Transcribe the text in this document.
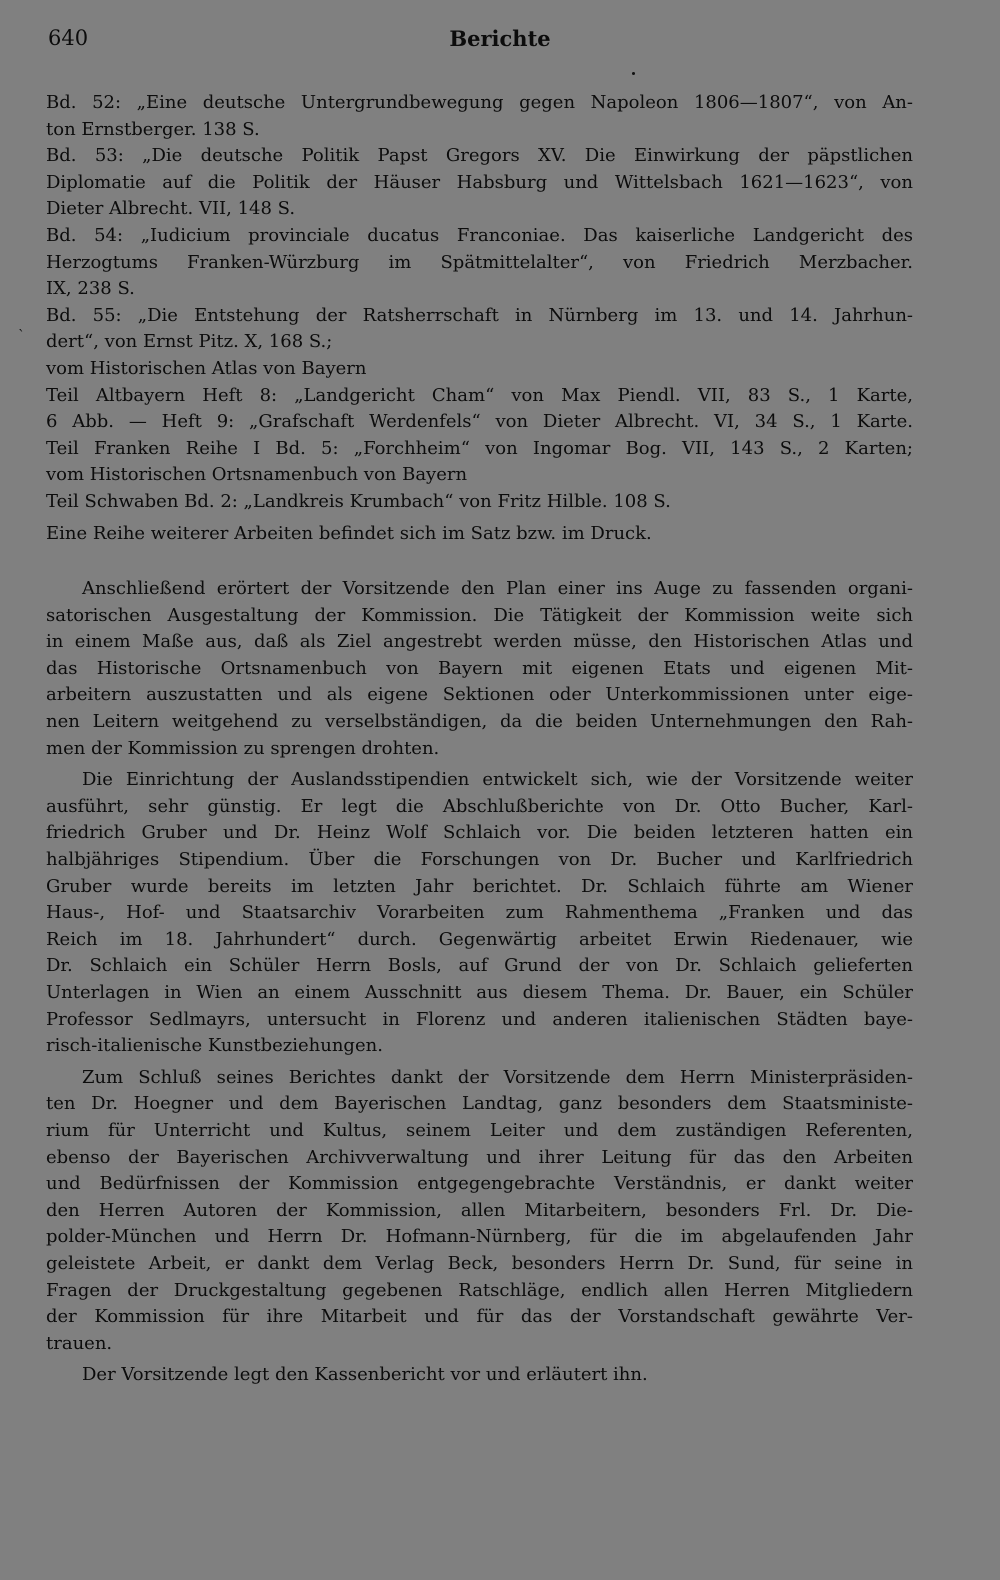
640	Berichte
ˋ
Bd. 52: „Eine deutsche Untergrundbewegung gegen Napoleon 1806—1807“, von An-
ton Ernstberger. 138 S.
Bd. 53: „Die deutsche Politik Papst Gregors XV. Die Einwirkung der päpstlichen
Diplomatie auf die Politik der Häuser Habsburg und Wittelsbach 1621—1623“, von
Dieter Albrecht. VII, 148 S.
Bd. 54: „Iudicium provinciale ducatus Franconiae. Das kaiserliche Landgericht des
Herzogtums Franken-Würzburg im Spätmittelalter“, von Friedrich Merzbacher.
IX, 238 S.
Bd. 55: „Die Entstehung der Ratsherrschaft in Nürnberg im 13. und 14. Jahrhun-
dert“, von Ernst Pitz. X, 168 S.;
vom Historischen Atlas von Bayern
Teil Altbayern Heft 8: „Landgericht Cham“ von Max Piendl. VII, 83 S., 1 Karte,
6 Abb. — Heft 9: „Grafschaft Werdenfels“ von Dieter Albrecht. VI, 34 S., 1 Karte.
Teil Franken Reihe I Bd. 5: „Forchheim“ von Ingomar Bog. VII, 143 S., 2 Karten;
vom Historischen Ortsnamenbuch von Bayern
Teil Schwaben Bd. 2: „Landkreis Krumbach“ von Fritz Hilble. 108 S.
Eine Reihe weiterer Arbeiten befindet sich im Satz bzw. im Druck.
Anschließend erörtert der Vorsitzende den Plan einer ins Auge zu fassenden organi-
satorischen Ausgestaltung der Kommission. Die Tätigkeit der Kommission weite sich
in einem Maße aus, daß als Ziel angestrebt werden müsse, den Historischen Atlas und
das Historische Ortsnamenbuch von Bayern mit eigenen Etats und eigenen Mit-
arbeitern auszustatten und als eigene Sektionen oder Unterkommissionen unter eige-
nen Leitern weitgehend zu verselbständigen, da die beiden Unternehmungen den Rah-
men der Kommission zu sprengen drohten.
Die Einrichtung der Auslandsstipendien entwickelt sich, wie der Vorsitzende weiter
ausführt, sehr günstig. Er legt die Abschlußberichte von Dr. Otto Bucher, Karl-
friedrich Gruber und Dr. Heinz Wolf Schlaich vor. Die beiden letzteren hatten ein
halbjähriges Stipendium. Über die Forschungen von Dr. Bucher und Karlfriedrich
Gruber wurde bereits im letzten Jahr berichtet. Dr. Schlaich führte am Wiener
Haus-, Hof- und Staatsarchiv Vorarbeiten zum Rahmenthema „Franken und das
Reich im 18. Jahrhundert“ durch. Gegenwärtig arbeitet Erwin Riedenauer, wie
Dr. Schlaich ein Schüler Herrn Bosls, auf Grund der von Dr. Schlaich gelieferten
Unterlagen in Wien an einem Ausschnitt aus diesem Thema. Dr. Bauer, ein Schüler
Professor Sedlmayrs, untersucht in Florenz und anderen italienischen Städten baye-
risch-italienische Kunstbeziehungen.
Zum Schluß seines Berichtes dankt der Vorsitzende dem Herrn Ministerpräsiden-
ten Dr. Hoegner und dem Bayerischen Landtag, ganz besonders dem Staatsministe-
rium für Unterricht und Kultus, seinem Leiter und dem zuständigen Referenten,
ebenso der Bayerischen Archivverwaltung und ihrer Leitung für das den Arbeiten
und Bedürfnissen der Kommission entgegengebrachte Verständnis, er dankt weiter
den Herren Autoren der Kommission, allen Mitarbeitern, besonders Frl. Dr. Die-
polder-München und Herrn Dr. Hofmann-Nürnberg, für die im abgelaufenden Jahr
geleistete Arbeit, er dankt dem Verlag Beck, besonders Herrn Dr. Sund, für seine in
Fragen der Druckgestaltung gegebenen Ratschläge, endlich allen Herren Mitgliedern
der Kommission für ihre Mitarbeit und für das der Vorstandschaft gewährte Ver-
trauen.
Der Vorsitzende legt den Kassenbericht vor und erläutert ihn.
